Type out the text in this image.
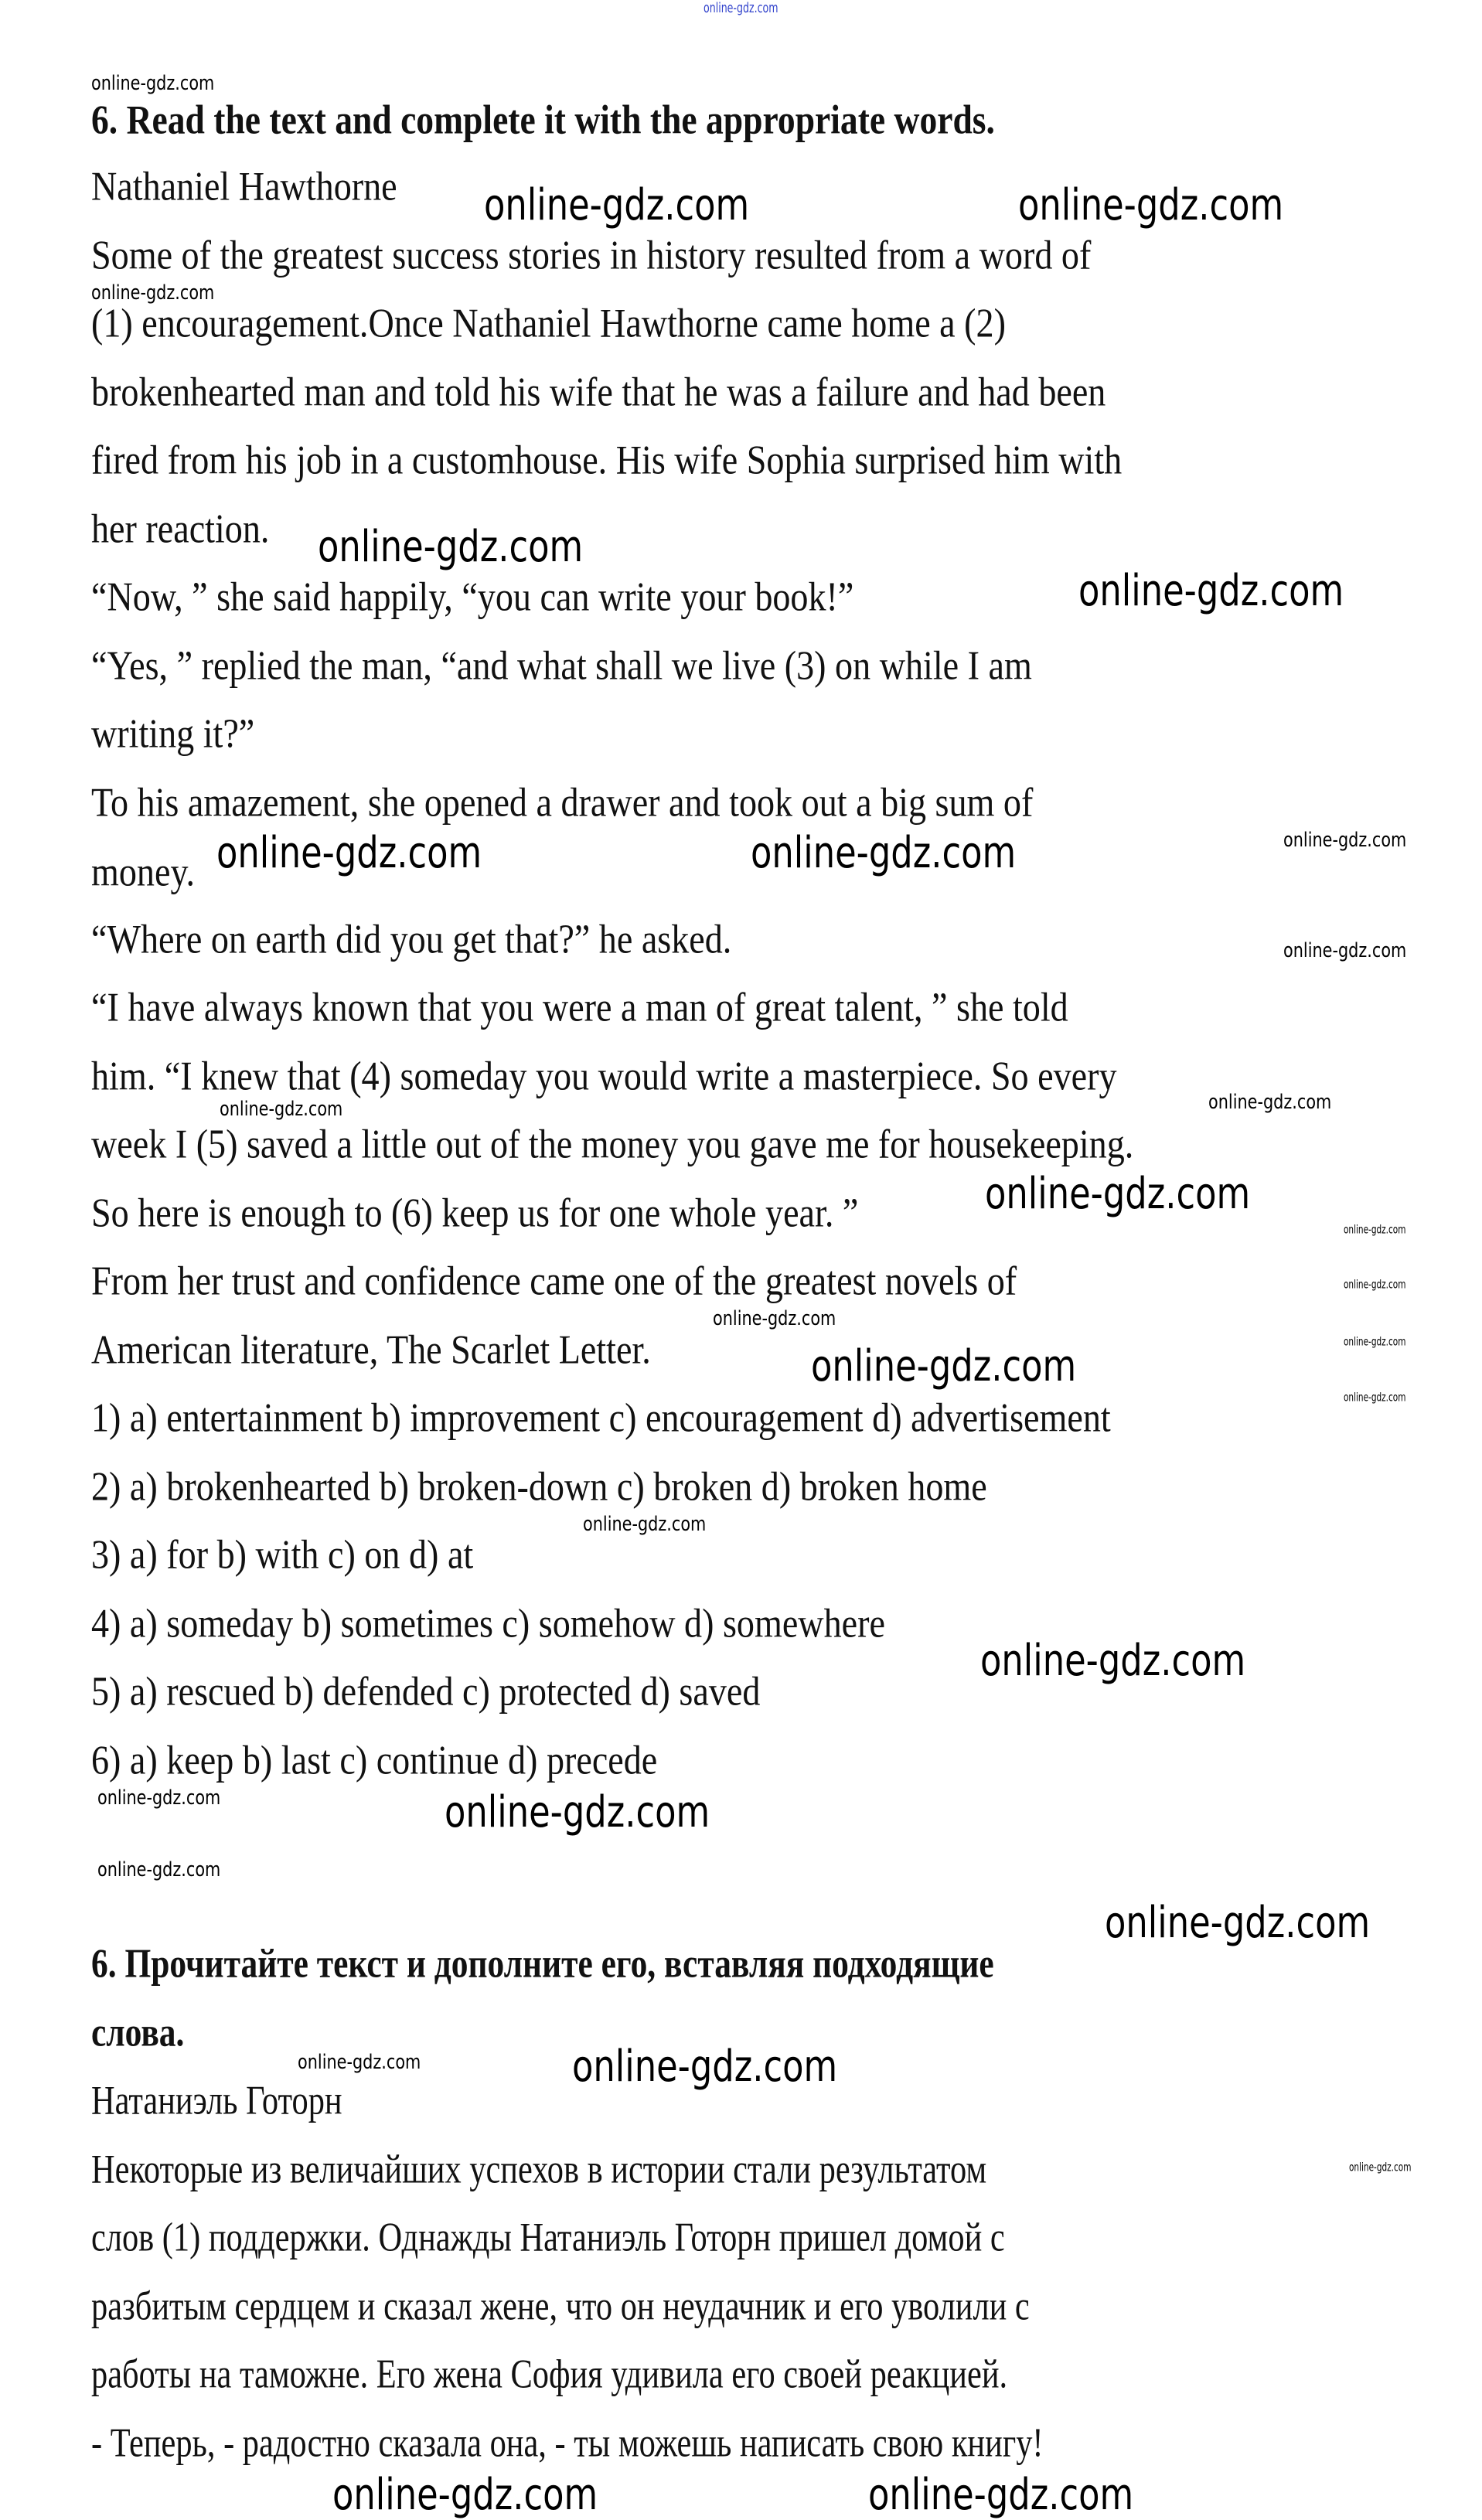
6. Read the text and complete it with the appropriate words.
Nathaniel Hawthorne
Some of the greatest success stories in history resulted from a word of
(1) encouragement.Once Nathaniel Hawthorne came home a (2)
brokenhearted man and told his wife that he was a failure and had been
fired from his job in a customhouse. His wife Sophia surprised him with
her reaction.
“Now, ” she said happily, “you can write your book!”
“Yes, ” replied the man, “and what shall we live (3) on while I am
writing it?”
To his amazement, she opened a drawer and took out a big sum of
money.
“Where on earth did you get that?” he asked.
“I have always known that you were a man of great talent, ” she told
him. “I knew that (4) someday you would write a masterpiece. So every
week I (5) saved a little out of the money you gave me for housekeeping.
So here is enough to (6) keep us for one whole year. ”
From her trust and confidence came one of the greatest novels of
American literature, The Scarlet Letter.
1) a) entertainment b) improvement c) encouragement d) advertisement
2) a) brokenhearted b) broken-down c) broken d) broken home
3) a) for b) with c) on d) at
4) a) someday b) sometimes c) somehow d) somewhere
5) a) rescued b) defended c) protected d) saved
6) a) keep b) last c) continue d) precede
6. Прочитайте текст и дополните его, вставляя подходящие
слова.
Натаниэль Готорн
Некоторые из величайших успехов в истории стали результатом
слов (1) поддержки. Однажды Натаниэль Готорн пришел домой с
разбитым сердцем и сказал жене, что он неудачник и его уволили с
работы на таможне. Его жена София удивила его своей реакцией.
- Теперь, - радостно сказала она, - ты можешь написать свою книгу!
online-gdz.com	online-gdz.com
online-gdz.com
online-gdz.com
online-gdz.com	online-gdz.com
online-gdz.com
online-gdz.com
online-gdz.com
online-gdz.com
online-gdz.com
online-gdz.com
online-gdz.com	online-gdz.com
online-gdz.com
online-gdz.com
online-gdz.com
online-gdz.com
online-gdz.com	online-gdz.com
online-gdz.com
online-gdz.com
online-gdz.com
online-gdz.com
online-gdz.com
online-gdz.com
online-gdz.com
online-gdz.com
online-gdz.com
online-gdz.com
online-gdz.com
